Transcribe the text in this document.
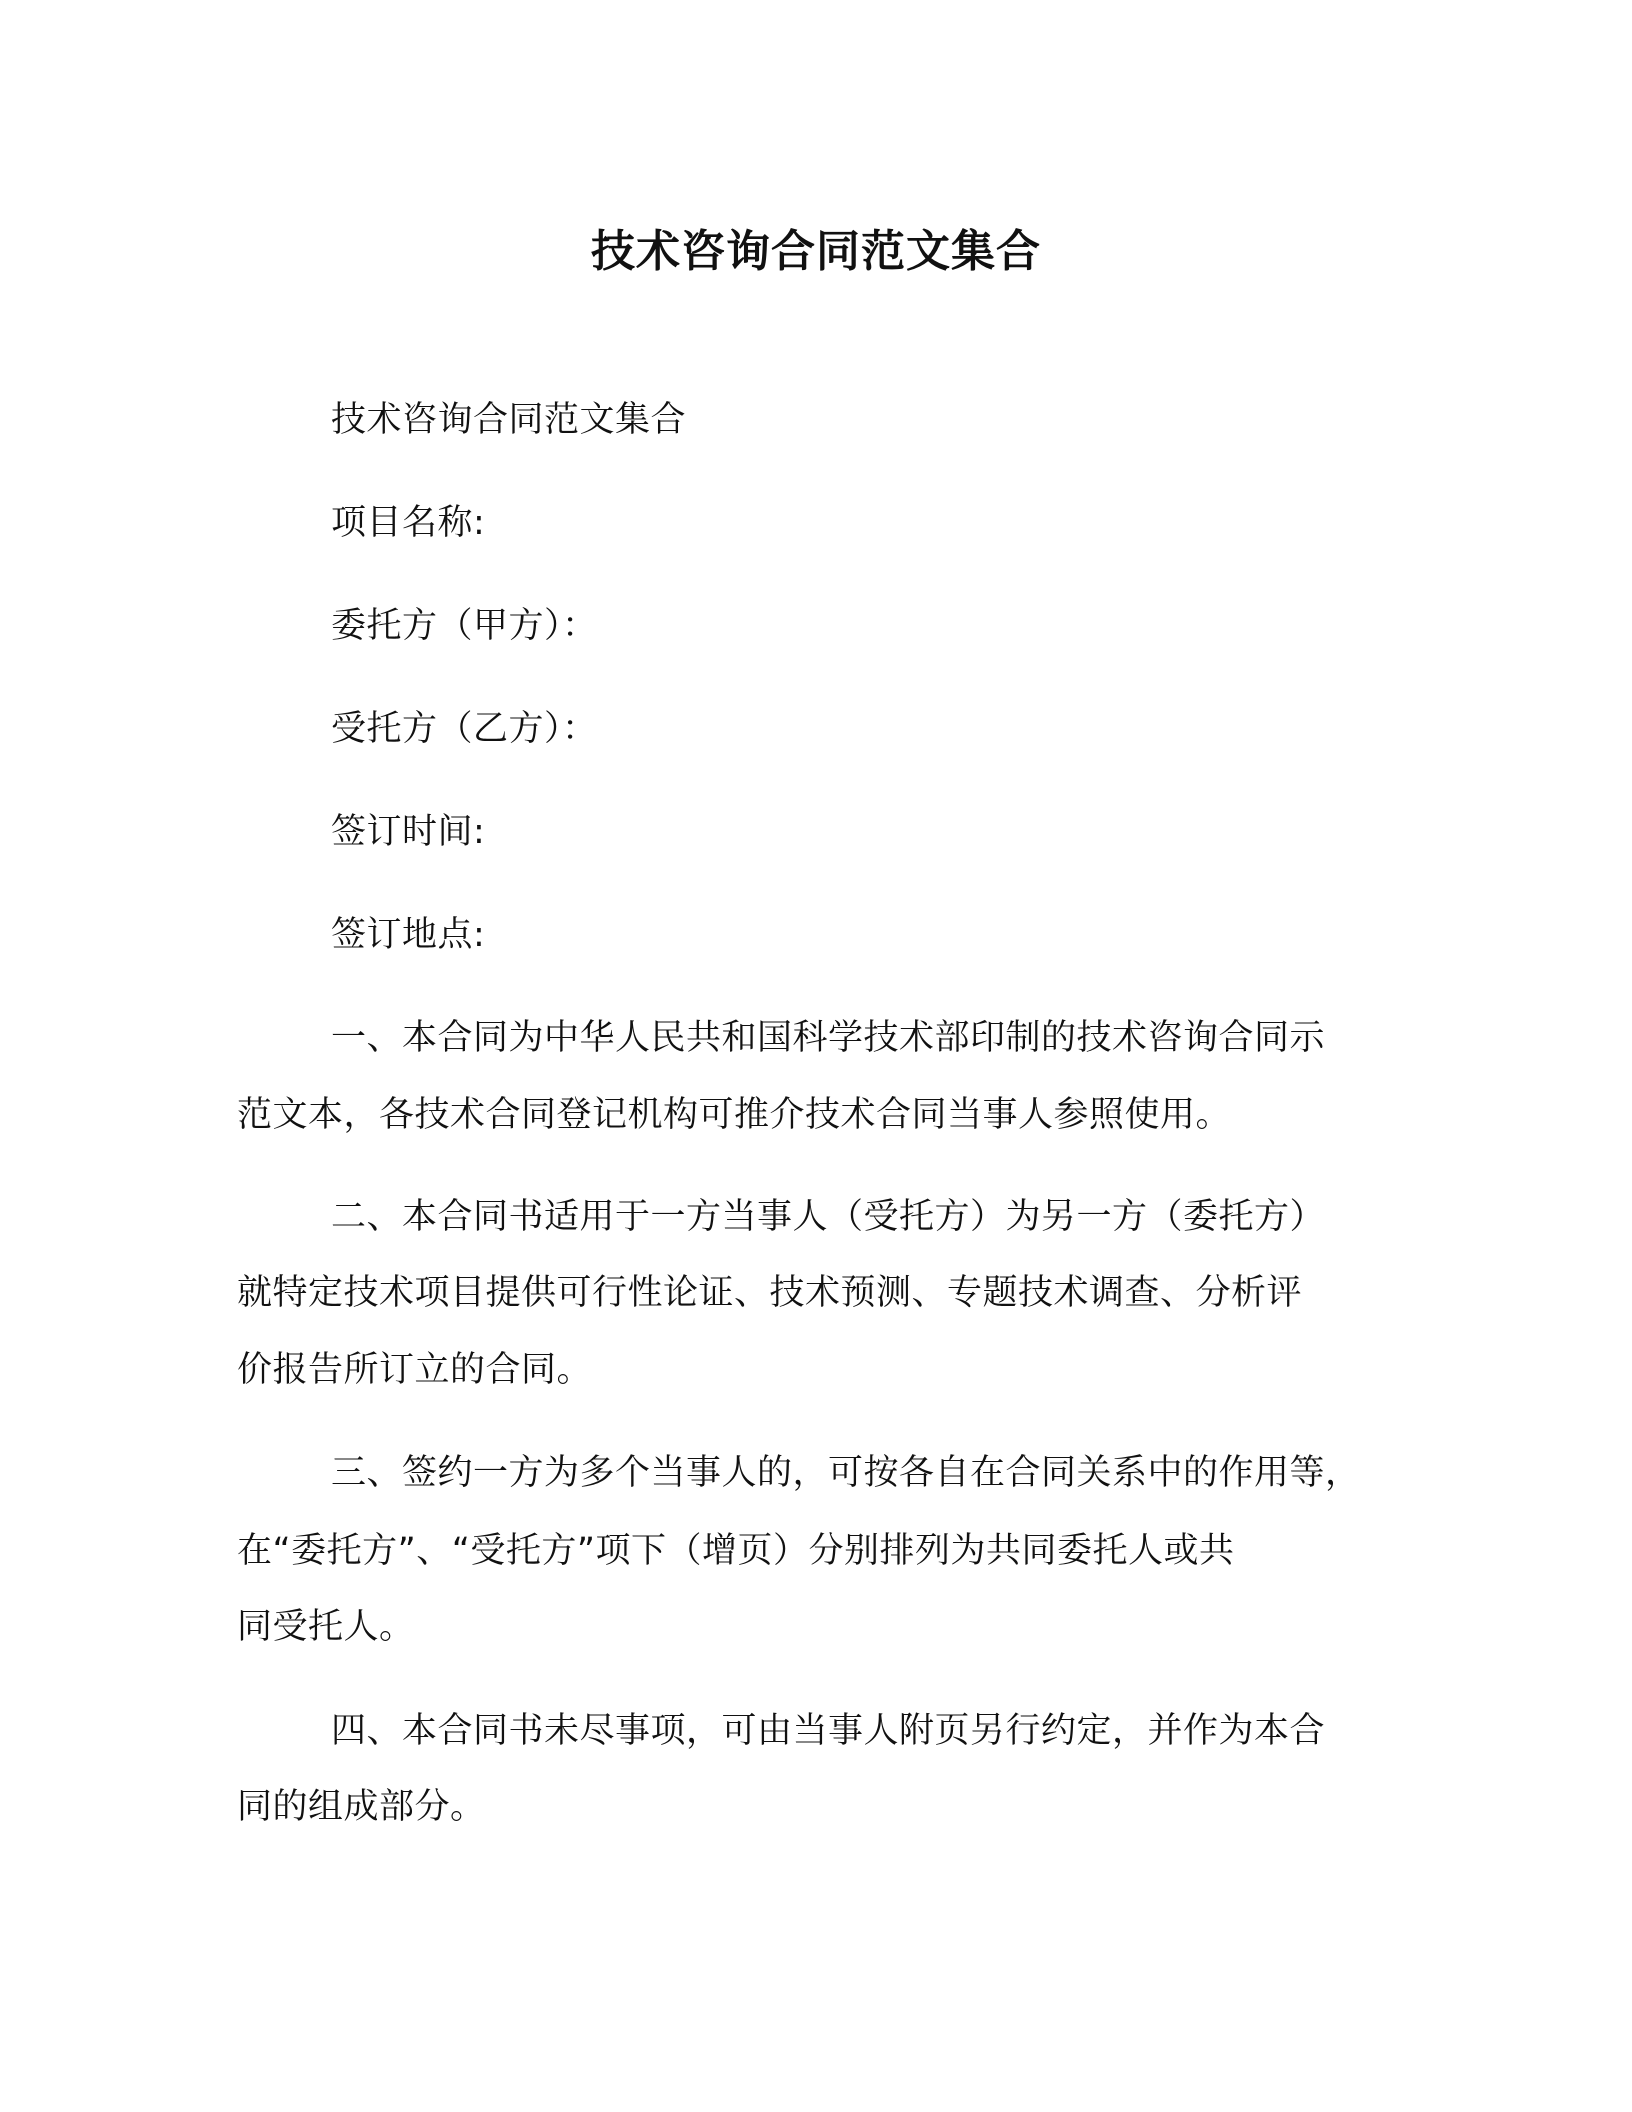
技术咨询合同范文集合

技术咨询合同范文集合

项目名称:

委托方（甲方）：

受托方（乙方）：

签订时间:

签订地点:

一、本合同为中华人民共和国科学技术部印制的技术咨询合同示

范文本，各技术合同登记机构可推介技术合同当事人参照使用。

二、本合同书适用于一方当事人（受托方）为另一方（委托方）

就特定技术项目提供可行性论证、技术预测、专题技术调查、分析评

价报告所订立的合同。

三、签约一方为多个当事人的，可按各自在合同关系中的作用等，

在“委托方”、“受托方”项下（增页）分别排列为共同委托人或共

同受托人。

四、本合同书未尽事项，可由当事人附页另行约定，并作为本合

同的组成部分。
